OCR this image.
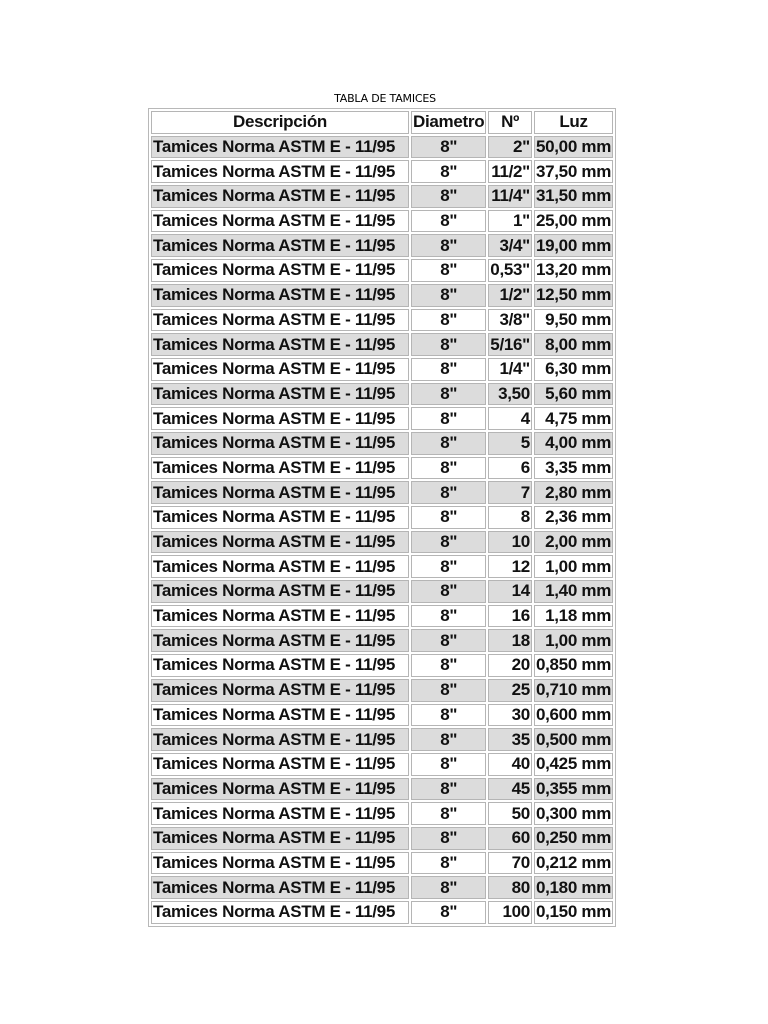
TABLA DE TAMICES
Descripción	Diametro	Nº	Luz
Tamices Norma ASTM E - 11/95	8"	2"	50,00 mm
Tamices Norma ASTM E - 11/95	8"	11/2"	37,50 mm
Tamices Norma ASTM E - 11/95	8"	11/4"	31,50 mm
Tamices Norma ASTM E - 11/95	8"	1"	25,00 mm
Tamices Norma ASTM E - 11/95	8"	3/4"	19,00 mm
Tamices Norma ASTM E - 11/95	8"	0,53"	13,20 mm
Tamices Norma ASTM E - 11/95	8"	1/2"	12,50 mm
Tamices Norma ASTM E - 11/95	8"	3/8"	9,50 mm
Tamices Norma ASTM E - 11/95	8"	5/16"	8,00 mm
Tamices Norma ASTM E - 11/95	8"	1/4"	6,30 mm
Tamices Norma ASTM E - 11/95	8"	3,50	5,60 mm
Tamices Norma ASTM E - 11/95	8"	4	4,75 mm
Tamices Norma ASTM E - 11/95	8"	5	4,00 mm
Tamices Norma ASTM E - 11/95	8"	6	3,35 mm
Tamices Norma ASTM E - 11/95	8"	7	2,80 mm
Tamices Norma ASTM E - 11/95	8"	8	2,36 mm
Tamices Norma ASTM E - 11/95	8"	10	2,00 mm
Tamices Norma ASTM E - 11/95	8"	12	1,00 mm
Tamices Norma ASTM E - 11/95	8"	14	1,40 mm
Tamices Norma ASTM E - 11/95	8"	16	1,18 mm
Tamices Norma ASTM E - 11/95	8"	18	1,00 mm
Tamices Norma ASTM E - 11/95	8"	20	0,850 mm
Tamices Norma ASTM E - 11/95	8"	25	0,710 mm
Tamices Norma ASTM E - 11/95	8"	30	0,600 mm
Tamices Norma ASTM E - 11/95	8"	35	0,500 mm
Tamices Norma ASTM E - 11/95	8"	40	0,425 mm
Tamices Norma ASTM E - 11/95	8"	45	0,355 mm
Tamices Norma ASTM E - 11/95	8"	50	0,300 mm
Tamices Norma ASTM E - 11/95	8"	60	0,250 mm
Tamices Norma ASTM E - 11/95	8"	70	0,212 mm
Tamices Norma ASTM E - 11/95	8"	80	0,180 mm
Tamices Norma ASTM E - 11/95	8"	100	0,150 mm
